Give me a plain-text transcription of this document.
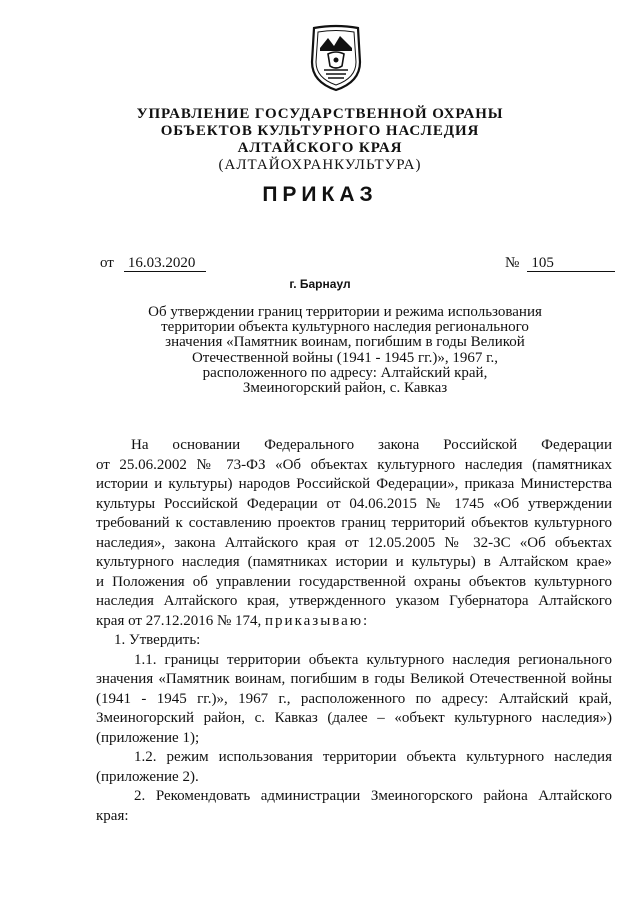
УПРАВЛЕНИЕ ГОСУДАРСТВЕННОЙ ОХРАНЫ
ОБЪЕКТОВ КУЛЬТУРНОГО НАСЛЕДИЯ
АЛТАЙСКОГО КРАЯ
(АЛТАЙОХРАНКУЛЬТУРА)
ПРИКАЗ
от 16.03.2020	№ 105
г. Барнаул
Об утверждении границ территории и режима использования
территории объекта культурного наследия регионального
значения «Памятник воинам, погибшим в годы Великой
Отечественной войны (1941 - 1945 гг.)», 1967 г.,
расположенного по адресу: Алтайский край,
Змеиногорский район, с. Кавказ

На основании Федерального закона Российской Федерации

от 25.06.2002 № 73-ФЗ «Об объектах культурного наследия (памятниках

истории и культуры) народов Российской Федерации», приказа Министерства

культуры Российской Федерации от 04.06.2015 № 1745 «Об утверждении

требований к составлению проектов границ территорий объектов культурного

наследия», закона Алтайского края от 12.05.2005 № 32-ЗС «Об объектах

культурного наследия (памятниках истории и культуры) в Алтайском крае»

и Положения об управлении государственной охраны объектов культурного

наследия Алтайского края, утвержденного указом Губернатора Алтайского

края от 27.12.2016 № 174, приказываю:

1. Утвердить:

1.1. границы территории объекта культурного наследия регионального

значения «Памятник воинам, погибшим в годы Великой Отечественной войны

(1941 - 1945 гг.)», 1967 г., расположенного по адресу: Алтайский край,

Змеиногорский район, с. Кавказ (далее – «объект культурного наследия»)

(приложение 1);

1.2. режим использования территории объекта культурного наследия

(приложение 2).

2. Рекомендовать администрации Змеиногорского района Алтайского

края:
